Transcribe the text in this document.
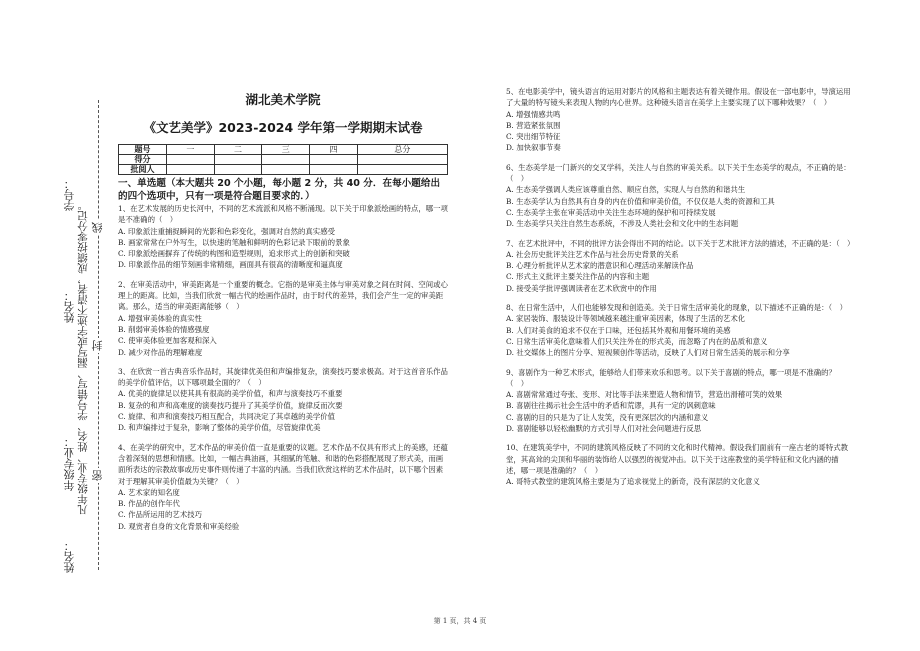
学号：
姓名：
年级专业：
姓名：
凡年级专业、姓名、学号错写、漏写或字迹不清者，成绩按零分记。 线
封
密
湖北美术学院
《文艺美学》2023-2024 学年第一学期期末试卷
题号	一	二	三	四	总分
得分					
批阅人					
一、单选题（本大题共 20 个小题，每小题 2 分，共 40 分．在每小题给出的四个选项中，只有一项是符合题目要求的．）
1、在艺术发展的历史长河中，不同的艺术流派和风格不断涌现。以下关于印象派绘画的特点，哪一项是不准确的（　）
A. 印象派注重捕捉瞬间的光影和色彩变化，强调对自然的真实感受
B. 画家常常在户外写生，以快速的笔触和鲜明的色彩记录下眼前的景象
C. 印象派绘画摒弃了传统的构图和造型规则，追求形式上的创新和突破
D. 印象派作品的细节刻画非常精细，画面具有很高的清晰度和逼真度
2、在审美活动中，审美距离是一个重要的概念。它指的是审美主体与审美对象之间在时间、空间或心理上的距离。比如，当我们欣赏一幅古代的绘画作品时，由于时代的差异，我们会产生一定的审美距离。那么，适当的审美距离能够（　）
A. 增强审美体验的真实性
B. 削弱审美体验的情感强度
C. 使审美体验更加客观和深入
D. 减少对作品的理解难度
3、在欣赏一首古典音乐作品时，其旋律优美但和声编排复杂，演奏技巧要求极高。对于这首音乐作品的美学价值评估，以下哪项最全面的？（　）
A. 优美的旋律足以使其具有很高的美学价值，和声与演奏技巧不重要
B. 复杂的和声和高难度的演奏技巧提升了其美学价值，旋律反而次要
C. 旋律、和声和演奏技巧相互配合，共同决定了其卓越的美学价值
D. 和声编排过于复杂，影响了整体的美学价值，尽管旋律优美
4、在美学的研究中，艺术作品的审美价值一直是重要的议题。艺术作品不仅具有形式上的美感，还蕴含着深刻的思想和情感。比如，一幅古典油画，其细腻的笔触、和谐的色彩搭配展现了形式美，而画面所表达的宗教故事或历史事件则传递了丰富的内涵。当我们欣赏这样的艺术作品时，以下哪个因素对于理解其审美价值最为关键？（　）
A. 艺术家的知名度
B. 作品的创作年代
C. 作品所运用的艺术技巧
D. 观赏者自身的文化背景和审美经验
5、在电影美学中，镜头语言的运用对影片的风格和主题表达有着关键作用。假设在一部电影中，导演运用了大量的特写镜头来表现人物的内心世界。这种镜头语言在美学上主要实现了以下哪种效果？（　）
A. 增强情感共鸣
B. 营造紧张氛围
C. 突出细节特征
D. 加快叙事节奏
6、生态美学是一门新兴的交叉学科，关注人与自然的审美关系。以下关于生态美学的观点，不正确的是：（　）
A. 生态美学强调人类应该尊重自然、顺应自然，实现人与自然的和谐共生
B. 生态美学认为自然具有自身的内在价值和审美价值，不仅仅是人类的资源和工具
C. 生态美学主张在审美活动中关注生态环境的保护和可持续发展
D. 生态美学只关注自然生态系统，不涉及人类社会和文化中的生态问题
7、在艺术批评中，不同的批评方法会得出不同的结论。以下关于艺术批评方法的描述，不正确的是：（　）
A. 社会历史批评关注艺术作品与社会历史背景的关系
B. 心理分析批评从艺术家的潜意识和心理活动来解读作品
C. 形式主义批评主要关注作品的内容和主题
D. 接受美学批评强调读者在艺术欣赏中的作用
8、在日常生活中，人们也能够发现和创造美。关于日常生活审美化的现象，以下描述不正确的是：（　）
A. 家居装饰、服装设计等领域越来越注重审美因素，体现了生活的艺术化
B. 人们对美食的追求不仅在于口味，还包括其外观和用餐环境的美感
C. 日常生活审美化意味着人们只关注外在的形式美，而忽略了内在的品质和意义
D. 社交媒体上的图片分享、短视频创作等活动，反映了人们对日常生活美的展示和分享
9、喜剧作为一种艺术形式，能够给人们带来欢乐和思考。以下关于喜剧的特点，哪一项是不准确的？（　）
A. 喜剧常常通过夸张、变形、对比等手法来塑造人物和情节，营造出滑稽可笑的效果
B. 喜剧往往揭示社会生活中的矛盾和荒谬，具有一定的讽刺意味
C. 喜剧的目的只是为了让人发笑，没有更深层次的内涵和意义
D. 喜剧能够以轻松幽默的方式引导人们对社会问题进行反思
10、在建筑美学中，不同的建筑风格反映了不同的文化和时代精神。假设我们面前有一座古老的哥特式教堂，其高耸的尖顶和华丽的装饰给人以强烈的视觉冲击。以下关于这座教堂的美学特征和文化内涵的描述，哪一项是准确的？（　）
A. 哥特式教堂的建筑风格主要是为了追求视觉上的新奇，没有深层的文化意义
第 1 页，共 4 页
